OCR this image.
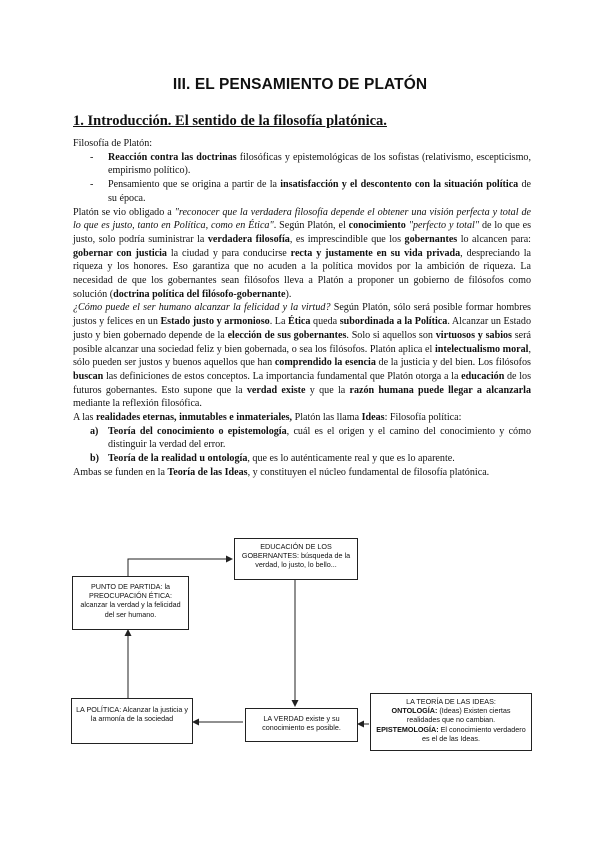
III. EL PENSAMIENTO DE PLATÓN
1. Introducción. El sentido de la filosofía platónica.

Filosofía de Platón:

-	Reacción contra las doctrinas filosóficas y epistemológicas de los sofistas (relativismo, escepticismo, empirismo político).
-	Pensamiento que se origina a partir de la insatisfacción y el descontento con la situación política de su época.

Platón se vio obligado a "reconocer que la verdadera filosofía depende el obtener una visión perfecta y total de lo que es justo, tanto en Política, como en Ética". Según Platón, el conocimiento "perfecto y total" de lo que es justo, solo podría suministrar la verdadera filosofía, es imprescindible que los gobernantes lo alcancen para: gobernar con justicia la ciudad y para conducirse recta y justamente en su vida privada, despreciando la riqueza y los honores. Eso garantiza que no acuden a la política movidos por la ambición de riqueza. La necesidad de que los gobernantes sean filósofos lleva a Platón a proponer un gobierno de filósofos como solución (doctrina política del filósofo-gobernante).

¿Cómo puede el ser humano alcanzar la felicidad y la virtud? Según Platón, sólo será posible formar hombres justos y felices en un Estado justo y armonioso. La Ética queda subordinada a la Política. Alcanzar un Estado justo y bien gobernado depende de la elección de sus gobernantes. Solo si aquellos son virtuosos y sabios será posible alcanzar una sociedad feliz y bien gobernada, o sea los filósofos. Platón aplica el intelectualismo moral, sólo pueden ser justos y buenos aquellos que han comprendido la esencia de la justicia y del bien. Los filósofos buscan las definiciones de estos conceptos. La importancia fundamental que Platón otorga a la educación de los futuros gobernantes. Esto supone que la verdad existe y que la razón humana puede llegar a alcanzarla mediante la reflexión filosófica.

A las realidades eternas, inmutables e inmateriales, Platón las llama Ideas: Filosofía política:

a) Teoría del conocimiento o epistemología, cuál es el origen y el camino del conocimiento y cómo distinguir la verdad del error.
b) Teoría de la realidad u ontología, que es lo auténticamente real y que es lo aparente.

Ambas se funden en la Teoría de las Ideas, y constituyen el núcleo fundamental de filosofía platónica.

EDUCACIÓN DE LOS GOBERNANTES: búsqueda de la verdad, lo justo, lo bello...
PUNTO DE PARTIDA: la PREOCUPACIÓN ÉTICA: alcanzar la verdad y la felicidad del ser humano.
LA POLÍTICA: Alcanzar la justicia y la armonía de la sociedad	LA VERDAD existe y su conocimiento es posible.
LA TEORÍA DE LAS IDEAS:
ONTOLOGÍA: (Ideas) Existen ciertas realidades que no cambian.
EPISTEMOLOGÍA: El conocimiento verdadero es el de las Ideas.
